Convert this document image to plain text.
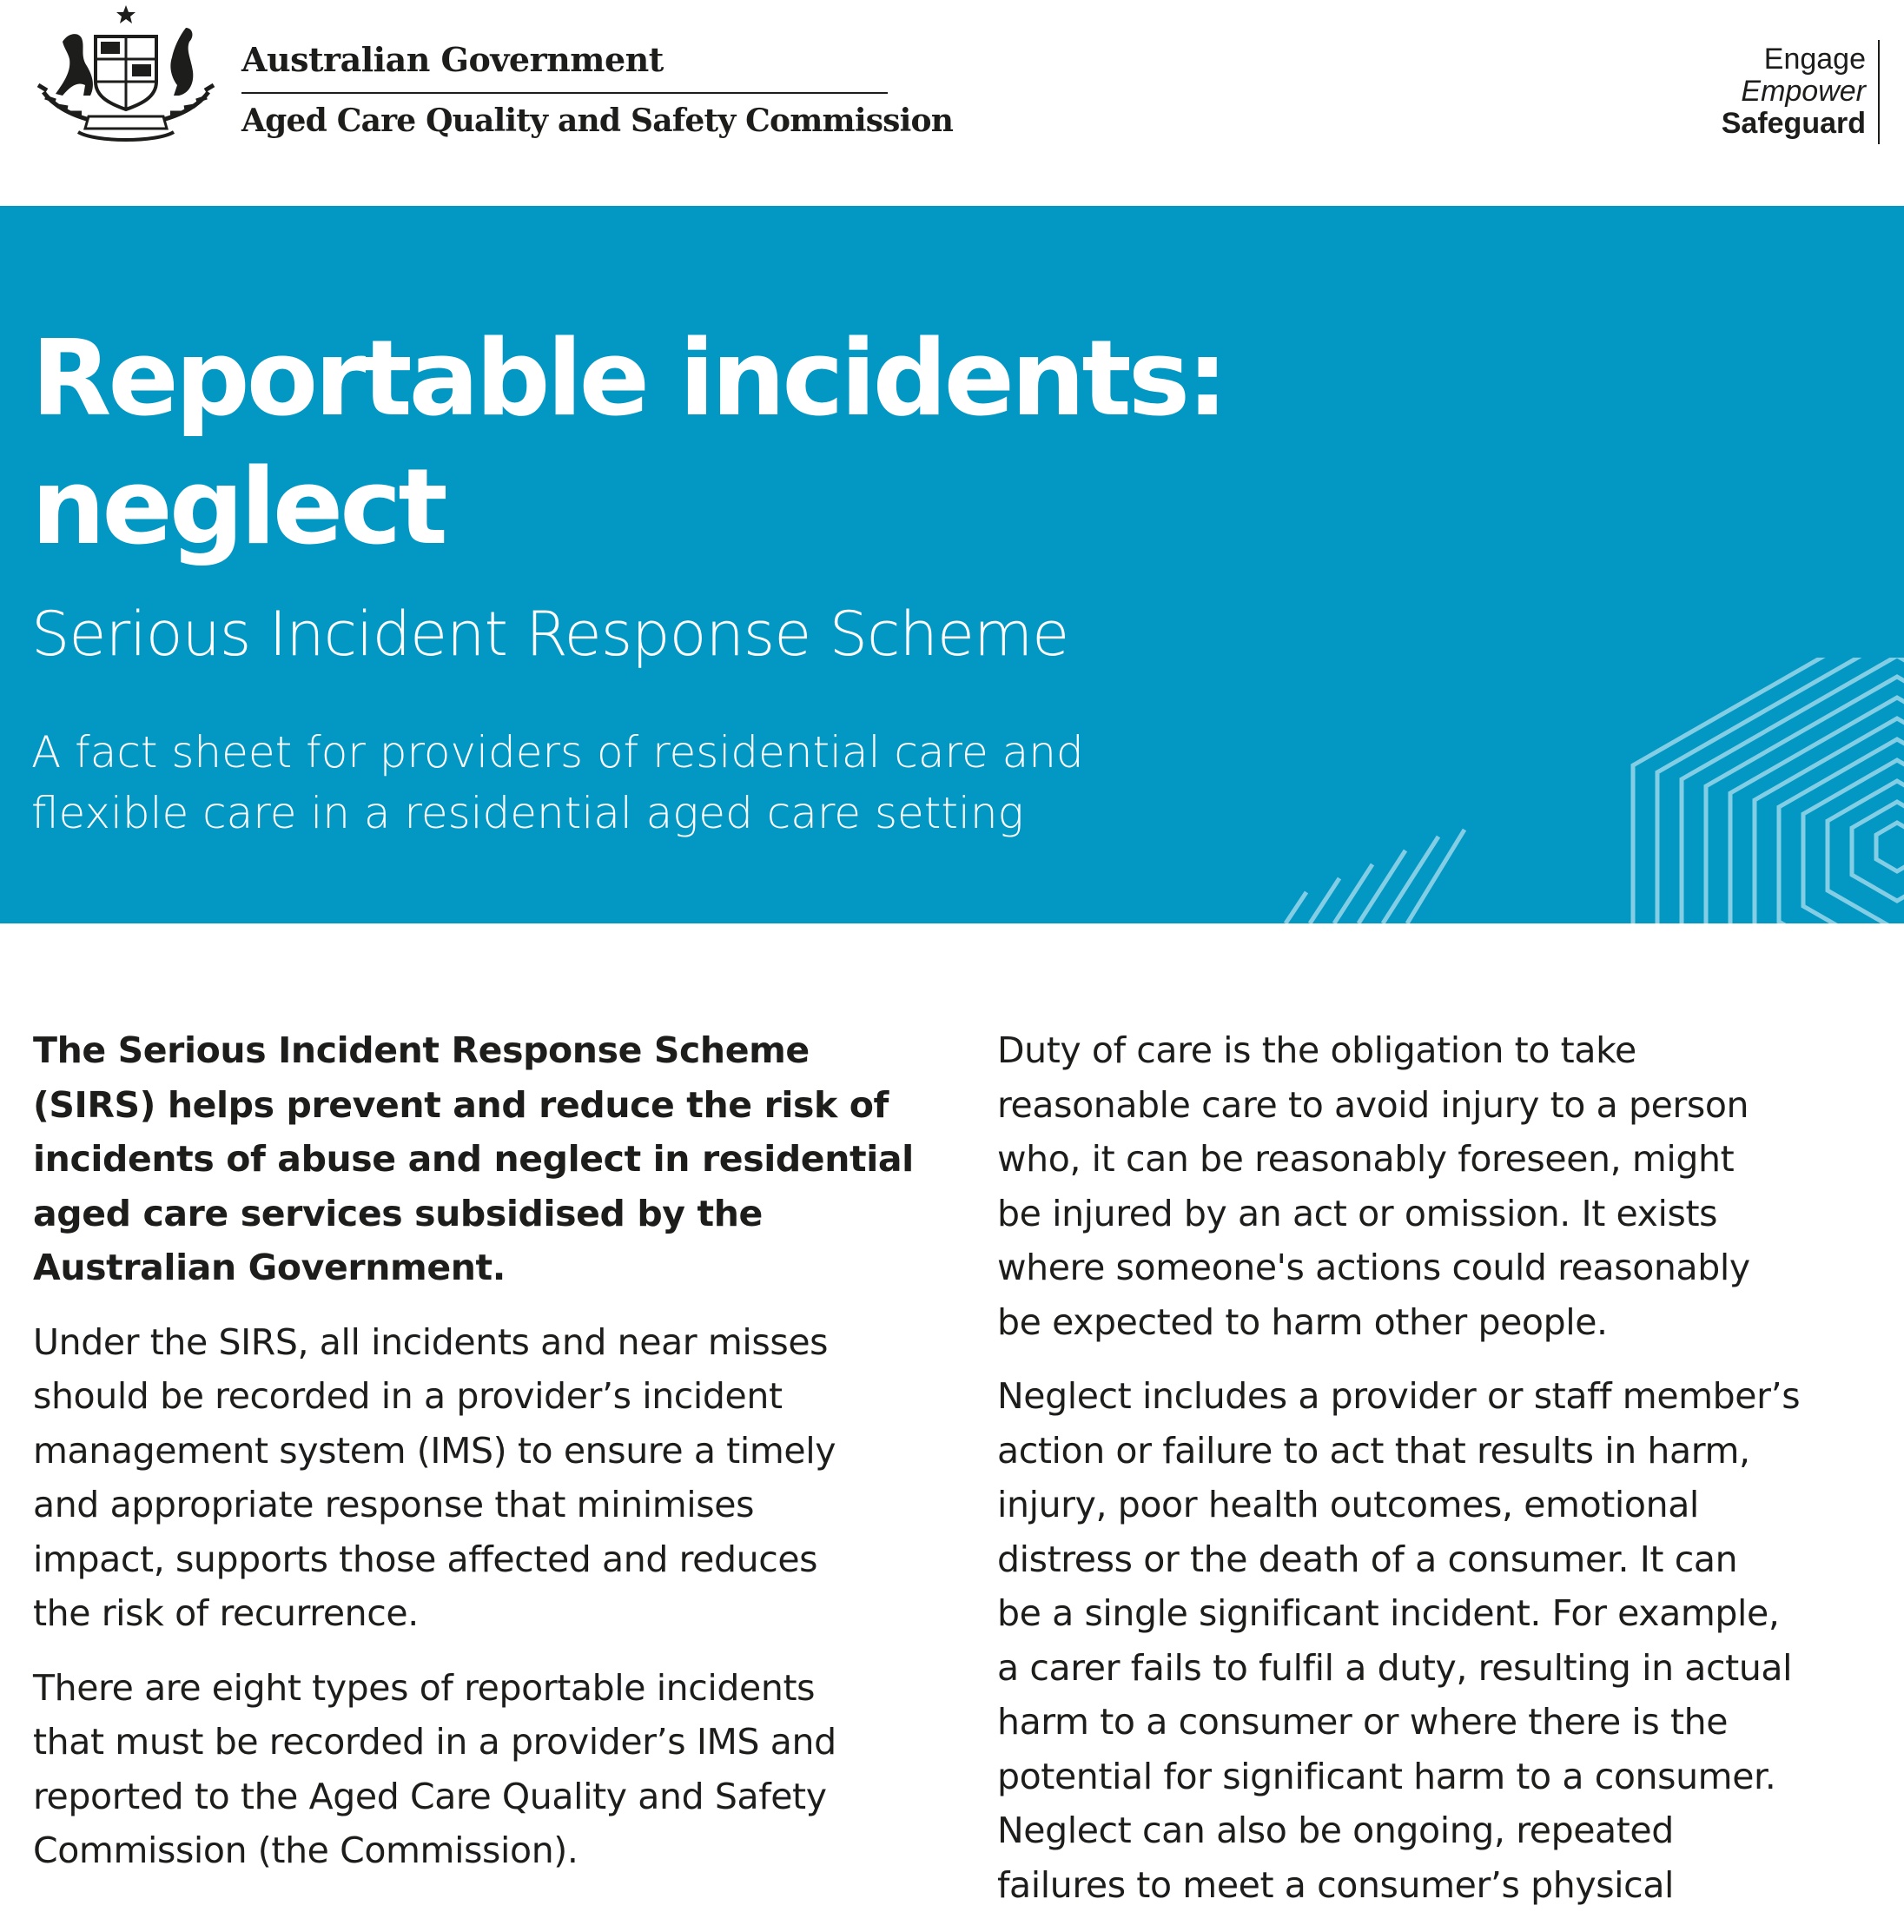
Australian Government
Aged Care Quality and Safety Commission
Engage
Empower
Safeguard
Reportable incidents:
neglect
Serious Incident Response Scheme
A fact sheet for providers of residential care and
flexible care in a residential aged care setting

The Serious Incident Response Scheme
(SIRS) helps prevent and reduce the risk of
incidents of abuse and neglect in residential
aged care services subsidised by the
Australian Government.

Under the SIRS, all incidents and near misses
should be recorded in a provider’s incident
management system (IMS) to ensure a timely
and appropriate response that minimises
impact, supports those affected and reduces
the risk of recurrence.

There are eight types of reportable incidents
that must be recorded in a provider’s IMS and
reported to the Aged Care Quality and Safety
Commission (the Commission).

Duty of care is the obligation to take
reasonable care to avoid injury to a person
who, it can be reasonably foreseen, might
be injured by an act or omission. It exists
where someone's actions could reasonably
be expected to harm other people.

Neglect includes a provider or staff member’s
action or failure to act that results in harm,
injury, poor health outcomes, emotional
distress or the death of a consumer. It can
be a single significant incident. For example,
a carer fails to fulfil a duty, resulting in actual
harm to a consumer or where there is the
potential for significant harm to a consumer.
Neglect can also be ongoing, repeated
failures to meet a consumer’s physical
